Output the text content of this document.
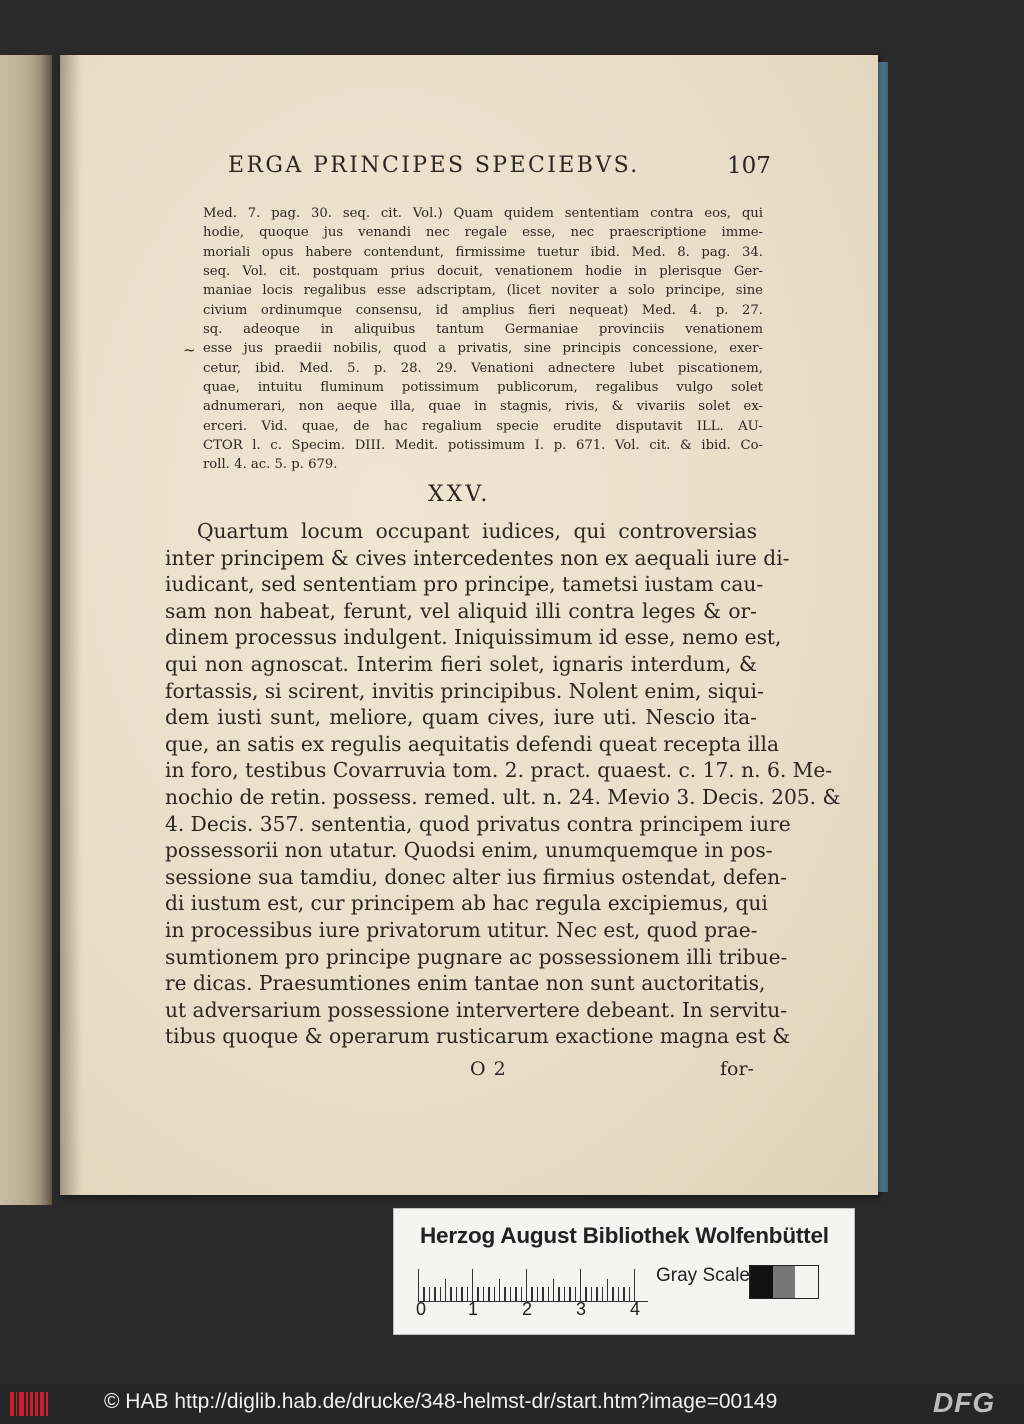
ERGA PRINCIPES SPECIEBVS.	107
Med. 7. pag. 30. seq. cit. Vol.) Quam quidem sententiam contra eos, qui
hodie, quoque jus venandi nec regale esse, nec praescriptione imme-
moriali opus habere contendunt, firmissime tuetur ibid. Med. 8. pag. 34.
seq. Vol. cit. postquam prius docuit, venationem hodie in plerisque Ger-
maniae locis regalibus esse adscriptam, (licet noviter a solo principe, sine
civium ordinumque consensu, id amplius fieri nequeat) Med. 4. p. 27.
sq. adeoque in aliquibus tantum Germaniae provinciis venationem
esse jus praedii nobilis, quod a privatis, sine principis concessione, exer-
cetur, ibid. Med. 5. p. 28. 29. Venationi adnectere lubet piscationem,
quae, intuitu fluminum potissimum publicorum, regalibus vulgo solet
adnumerari, non aeque illa, quae in stagnis, rivis, & vivariis solet ex-
erceri. Vid. quae, de hac regalium specie erudite disputavit ILL. AU-
CTOR l. c. Specim. DIII. Medit. potissimum I. p. 671. Vol. cit. & ibid. Co-
roll. 4. ac. 5. p. 679.
~
XXV.
Quartum locum occupant iudices, qui controversias
inter principem & cives intercedentes non ex aequali iure di-
iudicant, sed sententiam pro principe, tametsi iustam cau-
sam non habeat, ferunt, vel aliquid illi contra leges & or-
dinem processus indulgent. Iniquissimum id esse, nemo est,
qui non agnoscat. Interim fieri solet, ignaris interdum, &
fortassis, si scirent, invitis principibus. Nolent enim, siqui-
dem iusti sunt, meliore, quam cives, iure uti. Nescio ita-
que, an satis ex regulis aequitatis defendi queat recepta illa
in foro, testibus Covarruvia tom. 2. pract. quaest. c. 17. n. 6. Me-
nochio de retin. possess. remed. ult. n. 24. Mevio 3. Decis. 205. &
4. Decis. 357. sententia, quod privatus contra principem iure
possessorii non utatur. Quodsi enim, unumquemque in pos-
sessione sua tamdiu, donec alter ius firmius ostendat, defen-
di iustum est, cur principem ab hac regula excipiemus, qui
in processibus iure privatorum utitur. Nec est, quod prae-
sumtionem pro principe pugnare ac possessionem illi tribue-
re dicas. Praesumtiones enim tantae non sunt auctoritatis,
ut adversarium possessione intervertere debeant. In servitu-
tibus quoque & operarum rusticarum exactione magna est &
O 2	for-
Herzog August Bibliothek Wolfenbüttel
0 1 2 3 4
Gray Scale
© HAB http://diglib.hab.de/drucke/348-helmst-dr/start.htm?image=00149	DFG
